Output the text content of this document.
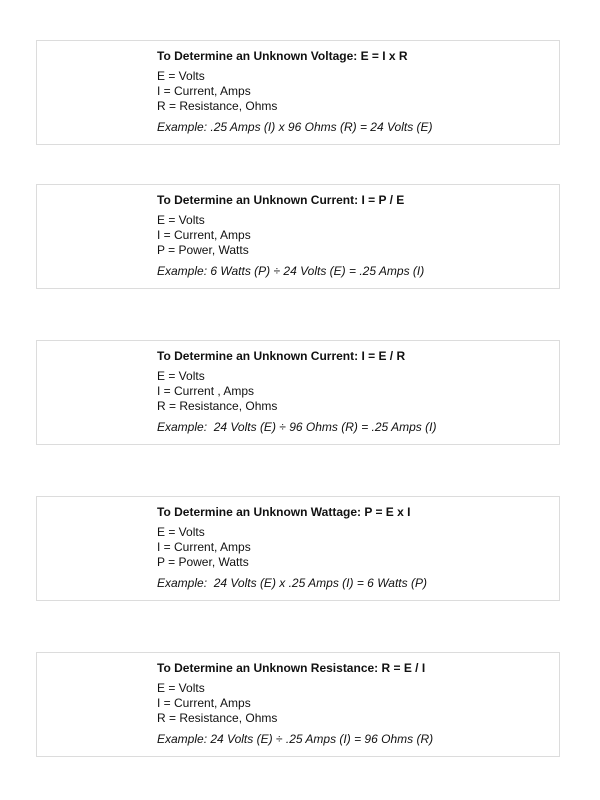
To Determine an Unknown Voltage: E = I x R
E = Volts
I = Current, Amps
R = Resistance, Ohms
Example: .25 Amps (I) x 96 Ohms (R) = 24 Volts (E)
To Determine an Unknown Current: I = P / E
E = Volts
I = Current, Amps
P = Power, Watts
Example: 6 Watts (P) ÷ 24 Volts (E) = .25 Amps (I)
To Determine an Unknown Current: I = E / R
E = Volts
I = Current , Amps
R = Resistance, Ohms
Example:  24 Volts (E) ÷ 96 Ohms (R) = .25 Amps (I)
To Determine an Unknown Wattage: P = E x I
E = Volts
I = Current, Amps
P = Power, Watts
Example:  24 Volts (E) x .25 Amps (I) = 6 Watts (P)
To Determine an Unknown Resistance: R = E / I
E = Volts
I = Current, Amps
R = Resistance, Ohms
Example: 24 Volts (E) ÷ .25 Amps (I) = 96 Ohms (R)
